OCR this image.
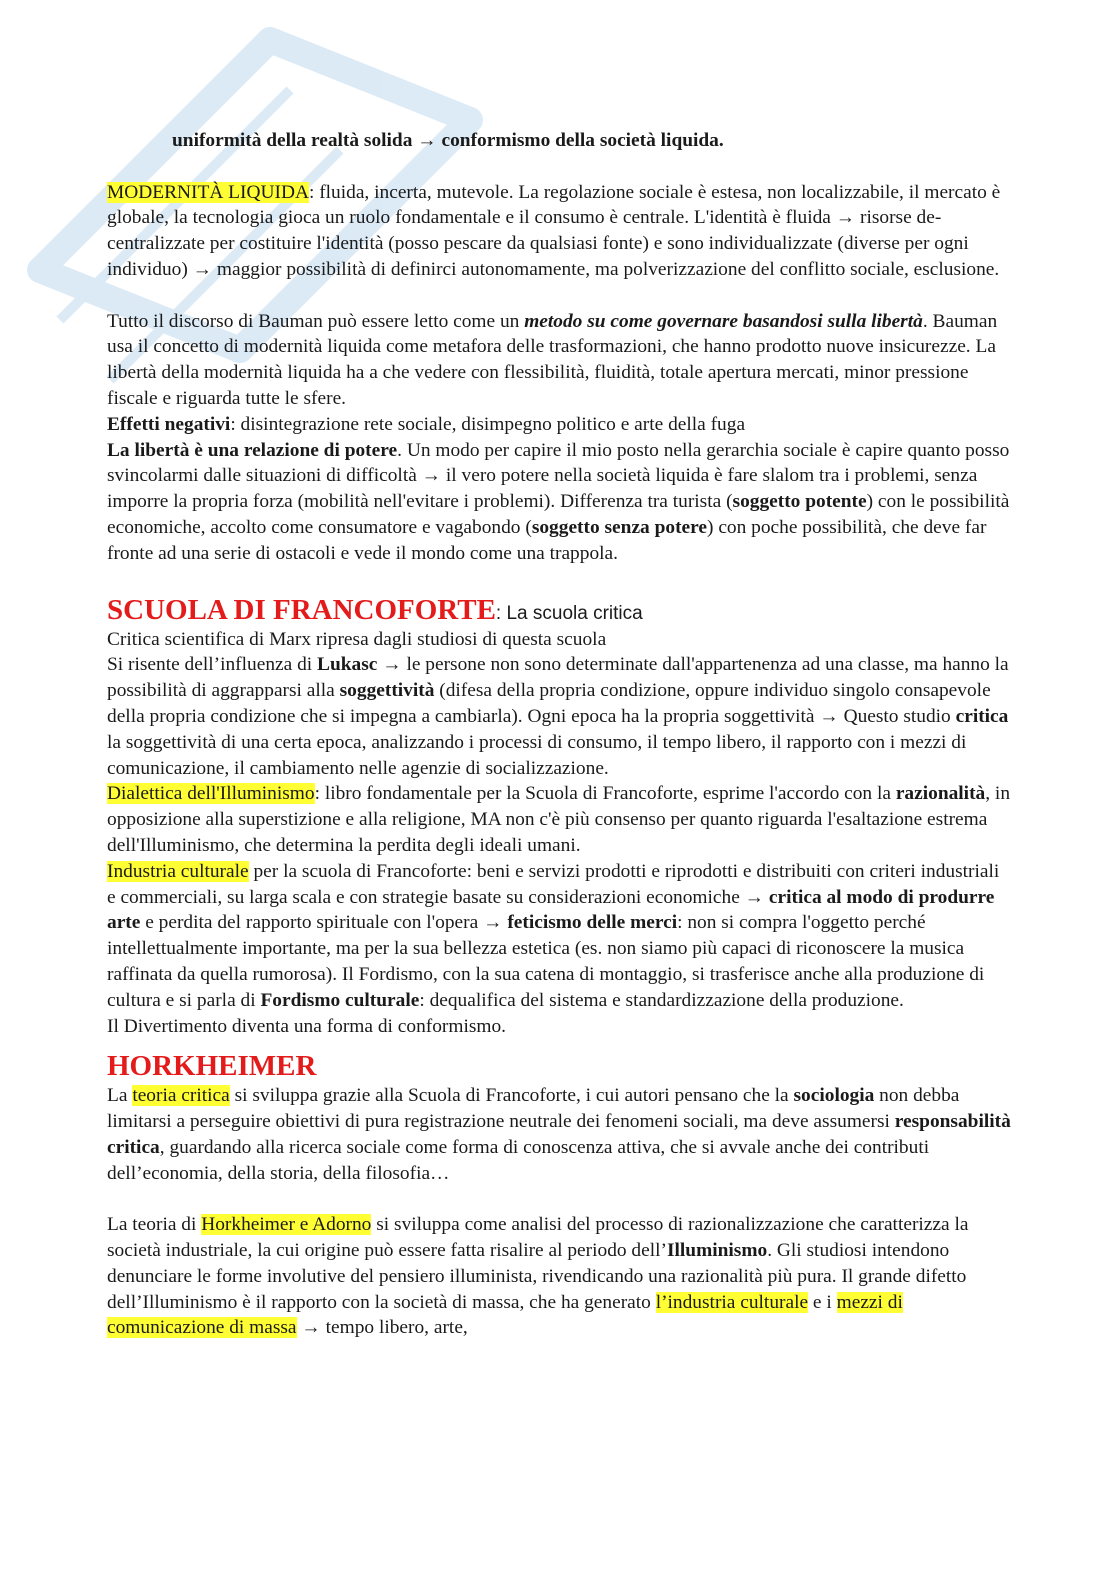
uniformità della realtà solida → conformismo della società liquida.

MODERNITÀ LIQUIDA: fluida, incerta, mutevole. La regolazione sociale è estesa, non localizzabile, il mercato è globale, la tecnologia gioca un ruolo fondamentale e il consumo è centrale. L'identità è fluida → risorse de-centralizzate per costituire l'identità (posso pescare da qualsiasi fonte) e sono individualizzate (diverse per ogni individuo) → maggior possibilità di definirci autonomamente, ma polverizzazione del conflitto sociale, esclusione.

Tutto il discorso di Bauman può essere letto come un metodo su come governare basandosi sulla libertà. Bauman usa il concetto di modernità liquida come metafora delle trasformazioni, che hanno prodotto nuove insicurezze. La libertà della modernità liquida ha a che vedere con flessibilità, fluidità, totale apertura mercati, minor pressione fiscale e riguarda tutte le sfere.

Effetti negativi: disintegrazione rete sociale, disimpegno politico e arte della fuga

La libertà è una relazione di potere. Un modo per capire il mio posto nella gerarchia sociale è capire quanto posso svincolarmi dalle situazioni di difficoltà → il vero potere nella società liquida è fare slalom tra i problemi, senza imporre la propria forza (mobilità nell'evitare i problemi). Differenza tra turista (soggetto potente) con le possibilità economiche, accolto come consumatore e vagabondo (soggetto senza potere) con poche possibilità, che deve far fronte ad una serie di ostacoli e vede il mondo come una trappola.

SCUOLA DI FRANCOFORTE: La scuola critica

Critica scientifica di Marx ripresa dagli studiosi di questa scuola

Si risente dell’influenza di Lukasc → le persone non sono determinate dall'appartenenza ad una classe, ma hanno la possibilità di aggrapparsi alla soggettività (difesa della propria condizione, oppure individuo singolo consapevole della propria condizione che si impegna a cambiarla). Ogni epoca ha la propria soggettività → Questo studio critica la soggettività di una certa epoca, analizzando i processi di consumo, il tempo libero, il rapporto con i mezzi di comunicazione, il cambiamento nelle agenzie di socializzazione.

Dialettica dell'Illuminismo: libro fondamentale per la Scuola di Francoforte, esprime l'accordo con la razionalità, in opposizione alla superstizione e alla religione, MA non c'è più consenso per quanto riguarda l'esaltazione estrema dell'Illuminismo, che determina la perdita degli ideali umani.

Industria culturale per la scuola di Francoforte: beni e servizi prodotti e riprodotti e distribuiti con criteri industriali e commerciali, su larga scala e con strategie basate su considerazioni economiche → critica al modo di produrre arte e perdita del rapporto spirituale con l'opera → feticismo delle merci: non si compra l'oggetto perché intellettualmente importante, ma per la sua bellezza estetica (es. non siamo più capaci di riconoscere la musica raffinata da quella rumorosa). Il Fordismo, con la sua catena di montaggio, si trasferisce anche alla produzione di cultura e si parla di Fordismo culturale: dequalifica del sistema e standardizzazione della produzione.

Il Divertimento diventa una forma di conformismo.

HORKHEIMER

La teoria critica si sviluppa grazie alla Scuola di Francoforte, i cui autori pensano che la sociologia non debba limitarsi a perseguire obiettivi di pura registrazione neutrale dei fenomeni sociali, ma deve assumersi responsabilità critica, guardando alla ricerca sociale come forma di conoscenza attiva, che si avvale anche dei contributi dell’economia, della storia, della filosofia…

La teoria di Horkheimer e Adorno si sviluppa come analisi del processo di razionalizzazione che caratterizza la società industriale, la cui origine può essere fatta risalire al periodo dell’Illuminismo. Gli studiosi intendono denunciare le forme involutive del pensiero illuminista, rivendicando una razionalità più pura. Il grande difetto dell’Illuminismo è il rapporto con la società di massa, che ha generato l’industria culturale e i mezzi di comunicazione di massa → tempo libero, arte,
